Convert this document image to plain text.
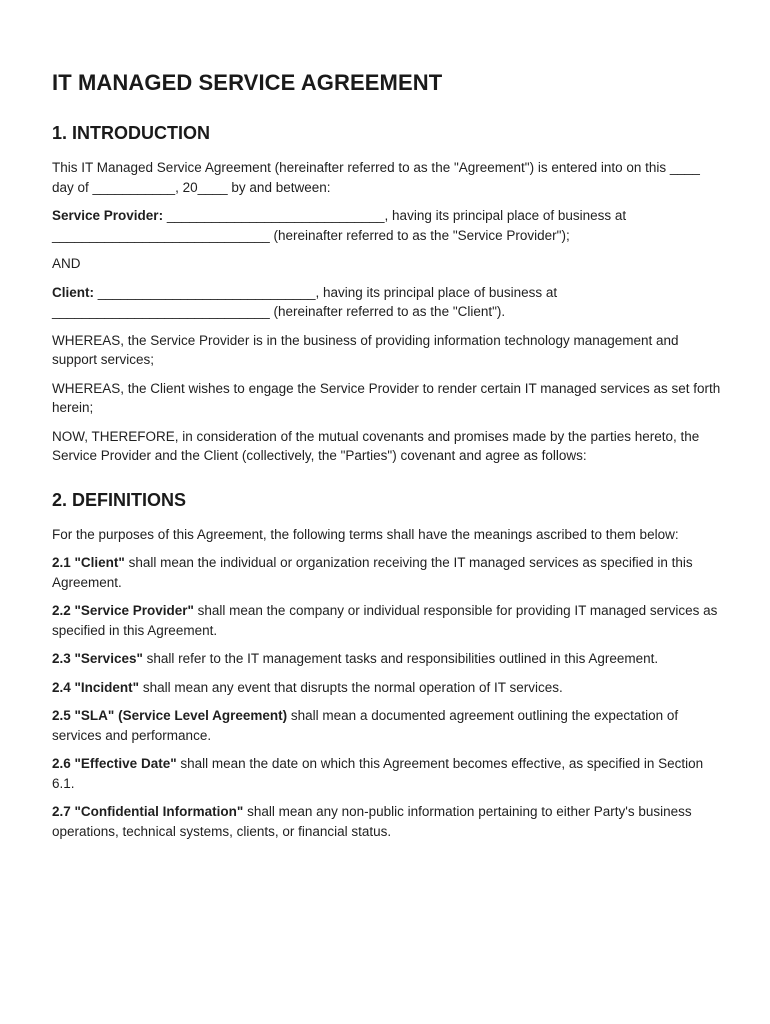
IT MANAGED SERVICE AGREEMENT
1. INTRODUCTION

This IT Managed Service Agreement (hereinafter referred to as the "Agreement") is entered into on this ____ day of ___________, 20____ by and between:

Service Provider: _____________________________, having its principal place of business at _____________________________ (hereinafter referred to as the "Service Provider");

AND

Client: _____________________________, having its principal place of business at _____________________________ (hereinafter referred to as the "Client").

WHEREAS, the Service Provider is in the business of providing information technology management and support services;

WHEREAS, the Client wishes to engage the Service Provider to render certain IT managed services as set forth herein;

NOW, THEREFORE, in consideration of the mutual covenants and promises made by the parties hereto, the Service Provider and the Client (collectively, the "Parties") covenant and agree as follows:

2. DEFINITIONS

For the purposes of this Agreement, the following terms shall have the meanings ascribed to them below:

2.1 "Client" shall mean the individual or organization receiving the IT managed services as specified in this Agreement.

2.2 "Service Provider" shall mean the company or individual responsible for providing IT managed services as specified in this Agreement.

2.3 "Services" shall refer to the IT management tasks and responsibilities outlined in this Agreement.

2.4 "Incident" shall mean any event that disrupts the normal operation of IT services.

2.5 "SLA" (Service Level Agreement) shall mean a documented agreement outlining the expectation of services and performance.

2.6 "Effective Date" shall mean the date on which this Agreement becomes effective, as specified in Section 6.1.

2.7 "Confidential Information" shall mean any non-public information pertaining to either Party's business operations, technical systems, clients, or financial status.
